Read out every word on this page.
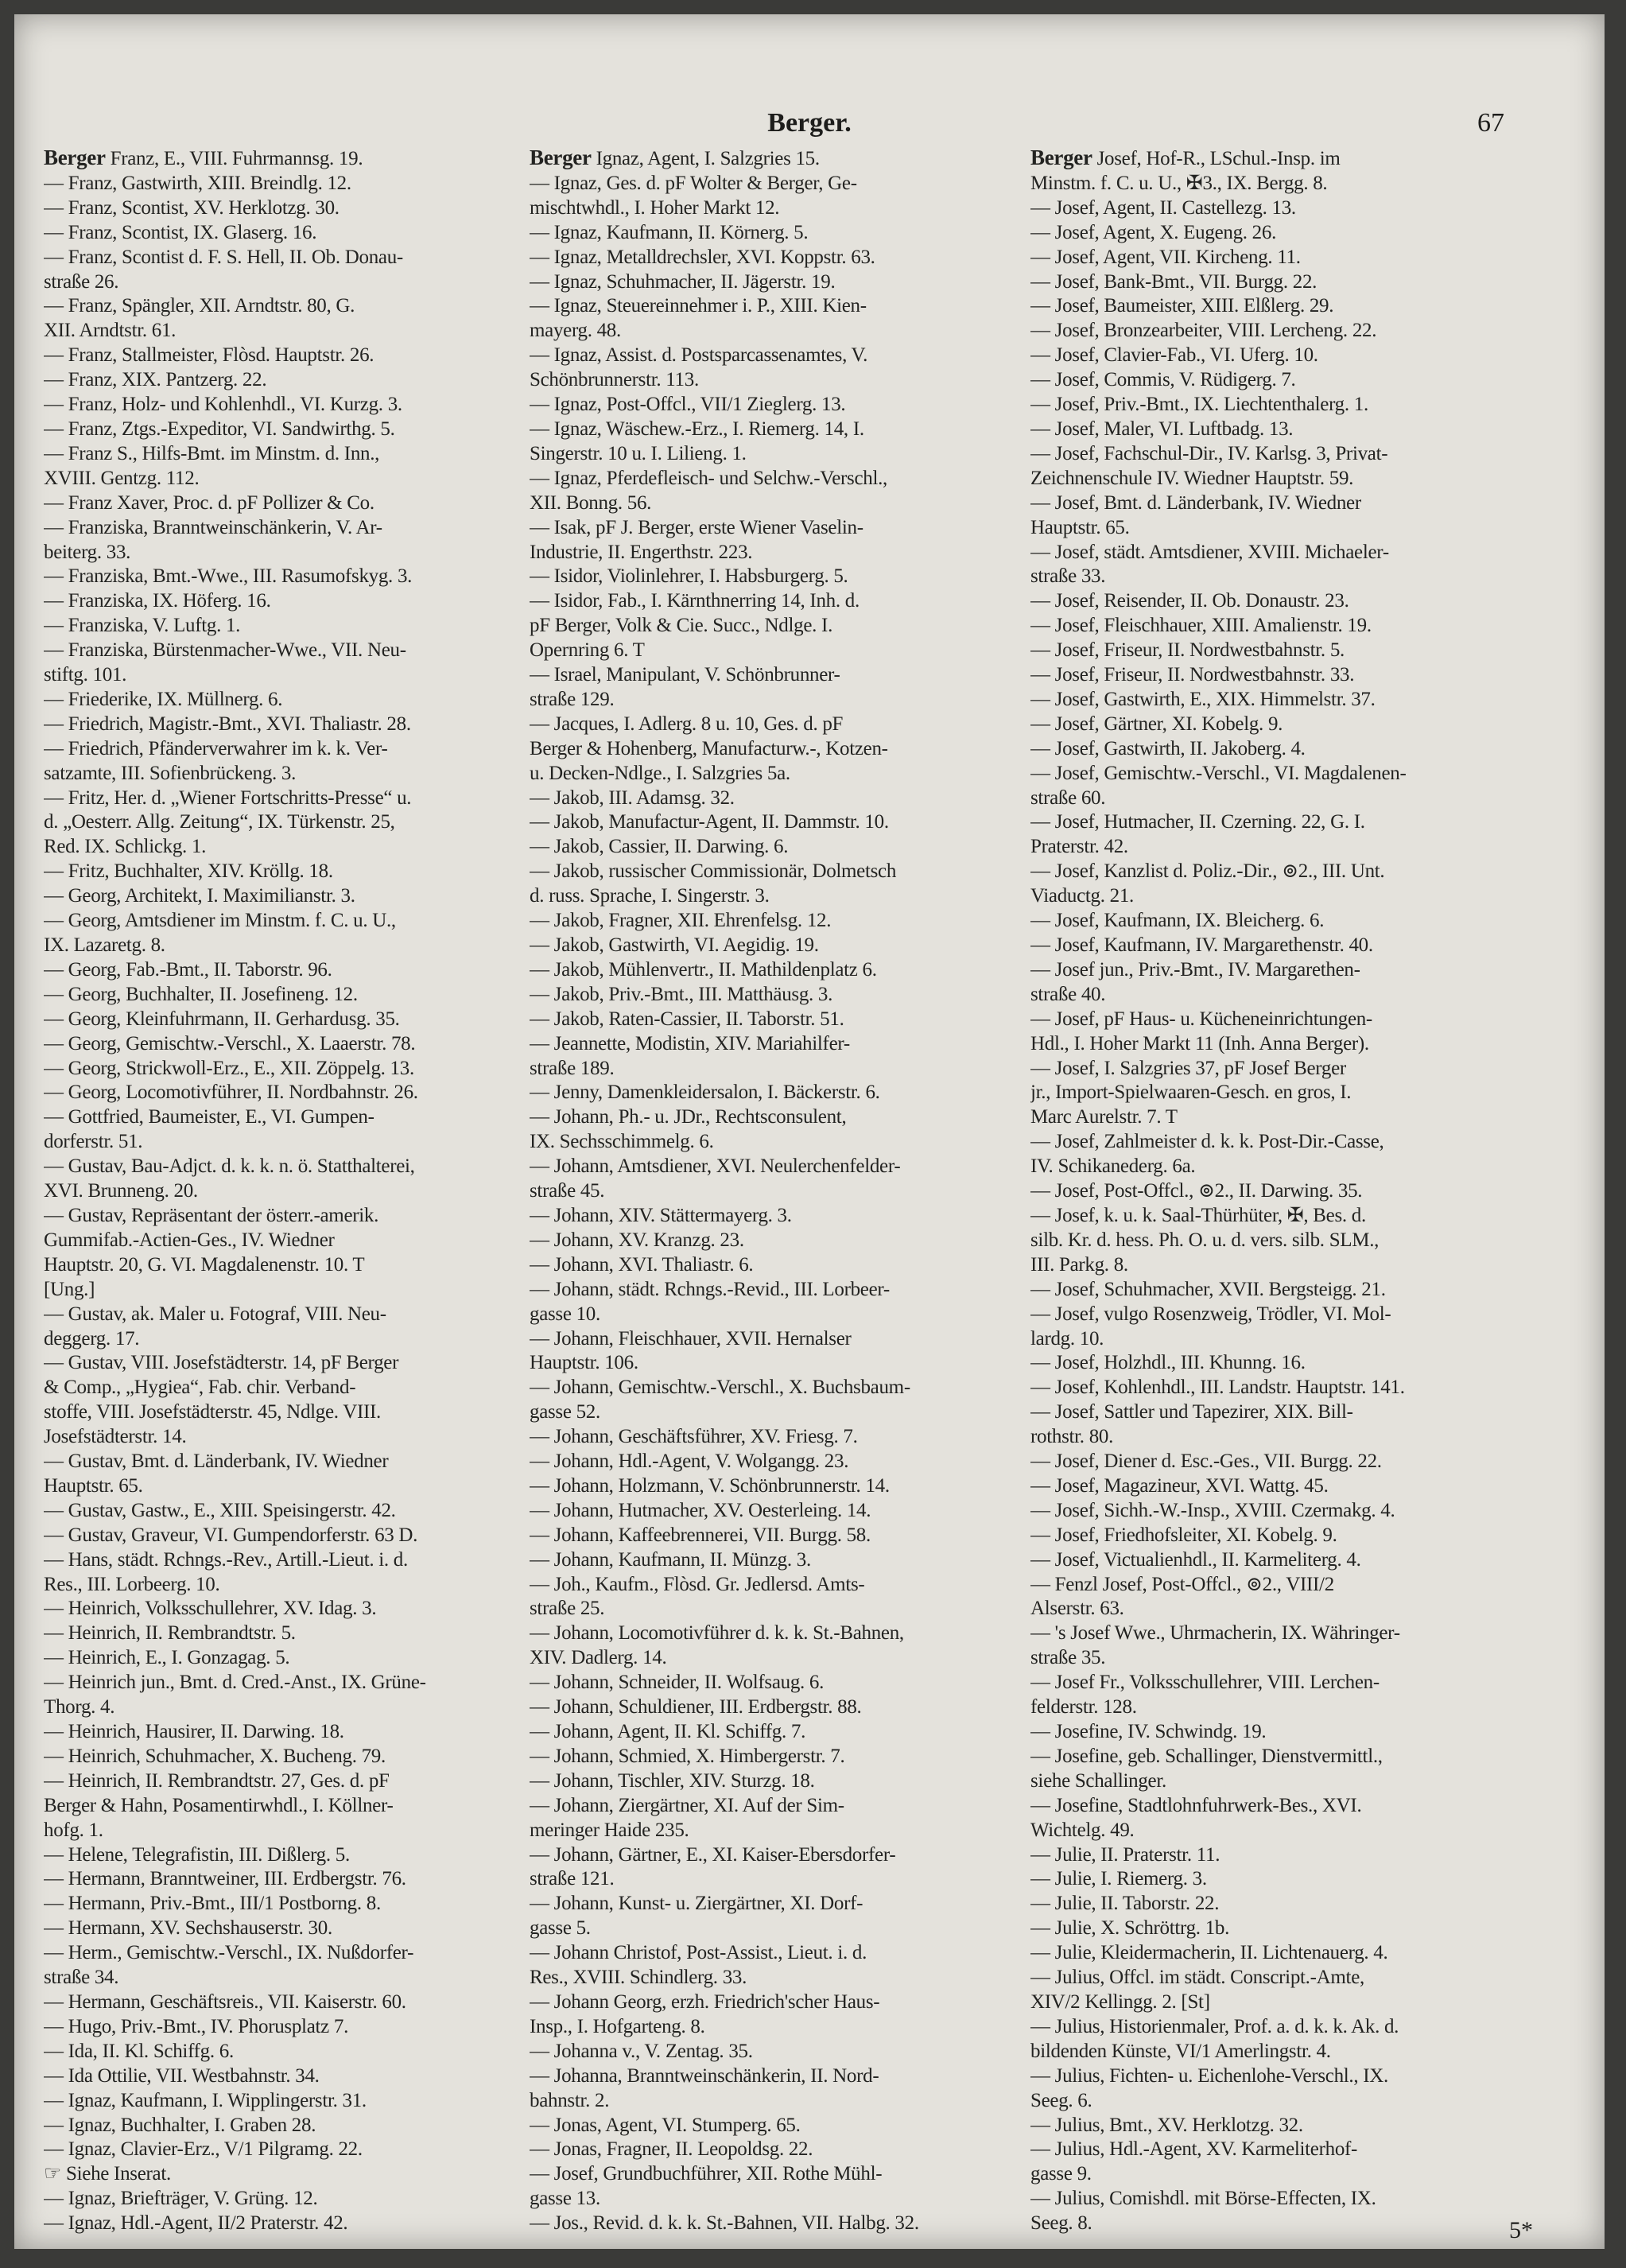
Berger.	67
Berger Franz, E., VIII. Fuhrmannsg. 19.
— Franz, Gastwirth, XIII. Breindlg. 12.
— Franz, Scontist, XV. Herklotzg. 30.
— Franz, Scontist, IX. Glaserg. 16.
— Franz, Scontist d. F. S. Hell, II. Ob. Donau-
straße 26.
— Franz, Spängler, XII. Arndtstr. 80, G.
XII. Arndtstr. 61.
— Franz, Stallmeister, Flòsd. Hauptstr. 26.
— Franz, XIX. Pantzerg. 22.
— Franz, Holz- und Kohlenhdl., VI. Kurzg. 3.
— Franz, Ztgs.-Expeditor, VI. Sandwirthg. 5.
— Franz S., Hilfs-Bmt. im Minstm. d. Inn.,
XVIII. Gentzg. 112.
— Franz Xaver, Proc. d. pF Pollizer & Co.
— Franziska, Branntweinschänkerin, V. Ar-
beiterg. 33.
— Franziska, Bmt.-Wwe., III. Rasumofskyg. 3.
— Franziska, IX. Höferg. 16.
— Franziska, V. Luftg. 1.
— Franziska, Bürstenmacher-Wwe., VII. Neu-
stiftg. 101.
— Friederike, IX. Müllnerg. 6.
— Friedrich, Magistr.-Bmt., XVI. Thaliastr. 28.
— Friedrich, Pfänderverwahrer im k. k. Ver-
satzamte, III. Sofienbrückeng. 3.
— Fritz, Her. d. „Wiener Fortschritts-Presse“ u.
d. „Oesterr. Allg. Zeitung“, IX. Türkenstr. 25,
Red. IX. Schlickg. 1.
— Fritz, Buchhalter, XIV. Kröllg. 18.
— Georg, Architekt, I. Maximilianstr. 3.
— Georg, Amtsdiener im Minstm. f. C. u. U.,
IX. Lazaretg. 8.
— Georg, Fab.-Bmt., II. Taborstr. 96.
— Georg, Buchhalter, II. Josefineng. 12.
— Georg, Kleinfuhrmann, II. Gerhardusg. 35.
— Georg, Gemischtw.-Verschl., X. Laaerstr. 78.
— Georg, Strickwoll-Erz., E., XII. Zöppelg. 13.
— Georg, Locomotivführer, II. Nordbahnstr. 26.
— Gottfried, Baumeister, E., VI. Gumpen-
dorferstr. 51.
— Gustav, Bau-Adjct. d. k. k. n. ö. Statthalterei,
XVI. Brunneng. 20.
— Gustav, Repräsentant der österr.-amerik.
Gummifab.-Actien-Ges., IV. Wiedner
Hauptstr. 20, G. VI. Magdalenenstr. 10. T
[Ung.]
— Gustav, ak. Maler u. Fotograf, VIII. Neu-
deggerg. 17.
— Gustav, VIII. Josefstädterstr. 14, pF Berger
& Comp., „Hygiea“, Fab. chir. Verband-
stoffe, VIII. Josefstädterstr. 45, Ndlge. VIII.
Josefstädterstr. 14.
— Gustav, Bmt. d. Länderbank, IV. Wiedner
Hauptstr. 65.
— Gustav, Gastw., E., XIII. Speisingerstr. 42.
— Gustav, Graveur, VI. Gumpendorferstr. 63 D.
— Hans, städt. Rchngs.-Rev., Artill.-Lieut. i. d.
Res., III. Lorbeerg. 10.
— Heinrich, Volksschullehrer, XV. Idag. 3.
— Heinrich, II. Rembrandtstr. 5.
— Heinrich, E., I. Gonzagag. 5.
— Heinrich jun., Bmt. d. Cred.-Anst., IX. Grüne-
Thorg. 4.
— Heinrich, Hausirer, II. Darwing. 18.
— Heinrich, Schuhmacher, X. Bucheng. 79.
— Heinrich, II. Rembrandtstr. 27, Ges. d. pF
Berger & Hahn, Posamentirwhdl., I. Köllner-
hofg. 1.
— Helene, Telegrafistin, III. Dißlerg. 5.
— Hermann, Branntweiner, III. Erdbergstr. 76.
— Hermann, Priv.-Bmt., III/1 Postborng. 8.
— Hermann, XV. Sechshauserstr. 30.
— Herm., Gemischtw.-Verschl., IX. Nußdorfer-
straße 34.
— Hermann, Geschäftsreis., VII. Kaiserstr. 60.
— Hugo, Priv.-Bmt., IV. Phorusplatz 7.
— Ida, II. Kl. Schiffg. 6.
— Ida Ottilie, VII. Westbahnstr. 34.
— Ignaz, Kaufmann, I. Wipplingerstr. 31.
— Ignaz, Buchhalter, I. Graben 28.
— Ignaz, Clavier-Erz., V/1 Pilgramg. 22.
☞ Siehe Inserat.
— Ignaz, Briefträger, V. Grüng. 12.
— Ignaz, Hdl.-Agent, II/2 Praterstr. 42.
Berger Ignaz, Agent, I. Salzgries 15.
— Ignaz, Ges. d. pF Wolter & Berger, Ge-
mischtwhdl., I. Hoher Markt 12.
— Ignaz, Kaufmann, II. Körnerg. 5.
— Ignaz, Metalldrechsler, XVI. Koppstr. 63.
— Ignaz, Schuhmacher, II. Jägerstr. 19.
— Ignaz, Steuereinnehmer i. P., XIII. Kien-
mayerg. 48.
— Ignaz, Assist. d. Postsparcassenamtes, V.
Schönbrunnerstr. 113.
— Ignaz, Post-Offcl., VII/1 Zieglerg. 13.
— Ignaz, Wäschew.-Erz., I. Riemerg. 14, I.
Singerstr. 10 u. I. Lilieng. 1.
— Ignaz, Pferdefleisch- und Selchw.-Verschl.,
XII. Bonng. 56.
— Isak, pF J. Berger, erste Wiener Vaselin-
Industrie, II. Engerthstr. 223.
— Isidor, Violinlehrer, I. Habsburgerg. 5.
— Isidor, Fab., I. Kärnthnerring 14, Inh. d.
pF Berger, Volk & Cie. Succ., Ndlge. I.
Opernring 6. T
— Israel, Manipulant, V. Schönbrunner-
straße 129.
— Jacques, I. Adlerg. 8 u. 10, Ges. d. pF
Berger & Hohenberg, Manufacturw.-, Kotzen-
u. Decken-Ndlge., I. Salzgries 5a.
— Jakob, III. Adamsg. 32.
— Jakob, Manufactur-Agent, II. Dammstr. 10.
— Jakob, Cassier, II. Darwing. 6.
— Jakob, russischer Commissionär, Dolmetsch
d. russ. Sprache, I. Singerstr. 3.
— Jakob, Fragner, XII. Ehrenfelsg. 12.
— Jakob, Gastwirth, VI. Aegidig. 19.
— Jakob, Mühlenvertr., II. Mathildenplatz 6.
— Jakob, Priv.-Bmt., III. Matthäusg. 3.
— Jakob, Raten-Cassier, II. Taborstr. 51.
— Jeannette, Modistin, XIV. Mariahilfer-
straße 189.
— Jenny, Damenkleidersalon, I. Bäckerstr. 6.
— Johann, Ph.- u. JDr., Rechtsconsulent,
IX. Sechsschimmelg. 6.
— Johann, Amtsdiener, XVI. Neulerchenfelder-
straße 45.
— Johann, XIV. Stättermayerg. 3.
— Johann, XV. Kranzg. 23.
— Johann, XVI. Thaliastr. 6.
— Johann, städt. Rchngs.-Revid., III. Lorbeer-
gasse 10.
— Johann, Fleischhauer, XVII. Hernalser
Hauptstr. 106.
— Johann, Gemischtw.-Verschl., X. Buchsbaum-
gasse 52.
— Johann, Geschäftsführer, XV. Friesg. 7.
— Johann, Hdl.-Agent, V. Wolgangg. 23.
— Johann, Holzmann, V. Schönbrunnerstr. 14.
— Johann, Hutmacher, XV. Oesterleing. 14.
— Johann, Kaffeebrennerei, VII. Burgg. 58.
— Johann, Kaufmann, II. Münzg. 3.
— Joh., Kaufm., Flòsd. Gr. Jedlersd. Amts-
straße 25.
— Johann, Locomotivführer d. k. k. St.-Bahnen,
XIV. Dadlerg. 14.
— Johann, Schneider, II. Wolfsaug. 6.
— Johann, Schuldiener, III. Erdbergstr. 88.
— Johann, Agent, II. Kl. Schiffg. 7.
— Johann, Schmied, X. Himbergerstr. 7.
— Johann, Tischler, XIV. Sturzg. 18.
— Johann, Ziergärtner, XI. Auf der Sim-
meringer Haide 235.
— Johann, Gärtner, E., XI. Kaiser-Ebersdorfer-
straße 121.
— Johann, Kunst- u. Ziergärtner, XI. Dorf-
gasse 5.
— Johann Christof, Post-Assist., Lieut. i. d.
Res., XVIII. Schindlerg. 33.
— Johann Georg, erzh. Friedrich'scher Haus-
Insp., I. Hofgarteng. 8.
— Johanna v., V. Zentag. 35.
— Johanna, Branntweinschänkerin, II. Nord-
bahnstr. 2.
— Jonas, Agent, VI. Stumperg. 65.
— Jonas, Fragner, II. Leopoldsg. 22.
— Josef, Grundbuchführer, XII. Rothe Mühl-
gasse 13.
— Jos., Revid. d. k. k. St.-Bahnen, VII. Halbg. 32.
Berger Josef, Hof-R., LSchul.-Insp. im
Minstm. f. C. u. U., ✠3., IX. Bergg. 8.
— Josef, Agent, II. Castellezg. 13.
— Josef, Agent, X. Eugeng. 26.
— Josef, Agent, VII. Kircheng. 11.
— Josef, Bank-Bmt., VII. Burgg. 22.
— Josef, Baumeister, XIII. Elßlerg. 29.
— Josef, Bronzearbeiter, VIII. Lercheng. 22.
— Josef, Clavier-Fab., VI. Uferg. 10.
— Josef, Commis, V. Rüdigerg. 7.
— Josef, Priv.-Bmt., IX. Liechtenthalerg. 1.
— Josef, Maler, VI. Luftbadg. 13.
— Josef, Fachschul-Dir., IV. Karlsg. 3, Privat-
Zeichnenschule IV. Wiedner Hauptstr. 59.
— Josef, Bmt. d. Länderbank, IV. Wiedner
Hauptstr. 65.
— Josef, städt. Amtsdiener, XVIII. Michaeler-
straße 33.
— Josef, Reisender, II. Ob. Donaustr. 23.
— Josef, Fleischhauer, XIII. Amalienstr. 19.
— Josef, Friseur, II. Nordwestbahnstr. 5.
— Josef, Friseur, II. Nordwestbahnstr. 33.
— Josef, Gastwirth, E., XIX. Himmelstr. 37.
— Josef, Gärtner, XI. Kobelg. 9.
— Josef, Gastwirth, II. Jakoberg. 4.
— Josef, Gemischtw.-Verschl., VI. Magdalenen-
straße 60.
— Josef, Hutmacher, II. Czerning. 22, G. I.
Praterstr. 42.
— Josef, Kanzlist d. Poliz.-Dir., ⊚2., III. Unt.
Viaductg. 21.
— Josef, Kaufmann, IX. Bleicherg. 6.
— Josef, Kaufmann, IV. Margarethenstr. 40.
— Josef jun., Priv.-Bmt., IV. Margarethen-
straße 40.
— Josef, pF Haus- u. Kücheneinrichtungen-
Hdl., I. Hoher Markt 11 (Inh. Anna Berger).
— Josef, I. Salzgries 37, pF Josef Berger
jr., Import-Spielwaaren-Gesch. en gros, I.
Marc Aurelstr. 7. T
— Josef, Zahlmeister d. k. k. Post-Dir.-Casse,
IV. Schikanederg. 6a.
— Josef, Post-Offcl., ⊚2., II. Darwing. 35.
— Josef, k. u. k. Saal-Thürhüter, ✠, Bes. d.
silb. Kr. d. hess. Ph. O. u. d. vers. silb. SLM.,
III. Parkg. 8.
— Josef, Schuhmacher, XVII. Bergsteigg. 21.
— Josef, vulgo Rosenzweig, Trödler, VI. Mol-
lardg. 10.
— Josef, Holzhdl., III. Khunng. 16.
— Josef, Kohlenhdl., III. Landstr. Hauptstr. 141.
— Josef, Sattler und Tapezirer, XIX. Bill-
rothstr. 80.
— Josef, Diener d. Esc.-Ges., VII. Burgg. 22.
— Josef, Magazineur, XVI. Wattg. 45.
— Josef, Sichh.-W.-Insp., XVIII. Czermakg. 4.
— Josef, Friedhofsleiter, XI. Kobelg. 9.
— Josef, Victualienhdl., II. Karmeliterg. 4.
— Fenzl Josef, Post-Offcl., ⊚2., VIII/2
Alserstr. 63.
— 's Josef Wwe., Uhrmacherin, IX. Währinger-
straße 35.
— Josef Fr., Volksschullehrer, VIII. Lerchen-
felderstr. 128.
— Josefine, IV. Schwindg. 19.
— Josefine, geb. Schallinger, Dienstvermittl.,
siehe Schallinger.
— Josefine, Stadtlohnfuhrwerk-Bes., XVI.
Wichtelg. 49.
— Julie, II. Praterstr. 11.
— Julie, I. Riemerg. 3.
— Julie, II. Taborstr. 22.
— Julie, X. Schröttrg. 1b.
— Julie, Kleidermacherin, II. Lichtenauerg. 4.
— Julius, Offcl. im städt. Conscript.-Amte,
XIV/2 Kellingg. 2. [St]
— Julius, Historienmaler, Prof. a. d. k. k. Ak. d.
bildenden Künste, VI/1 Amerlingstr. 4.
— Julius, Fichten- u. Eichenlohe-Verschl., IX.
Seeg. 6.
— Julius, Bmt., XV. Herklotzg. 32.
— Julius, Hdl.-Agent, XV. Karmeliterhof-
gasse 9.
— Julius, Comishdl. mit Börse-Effecten, IX.
Seeg. 8.	5*
